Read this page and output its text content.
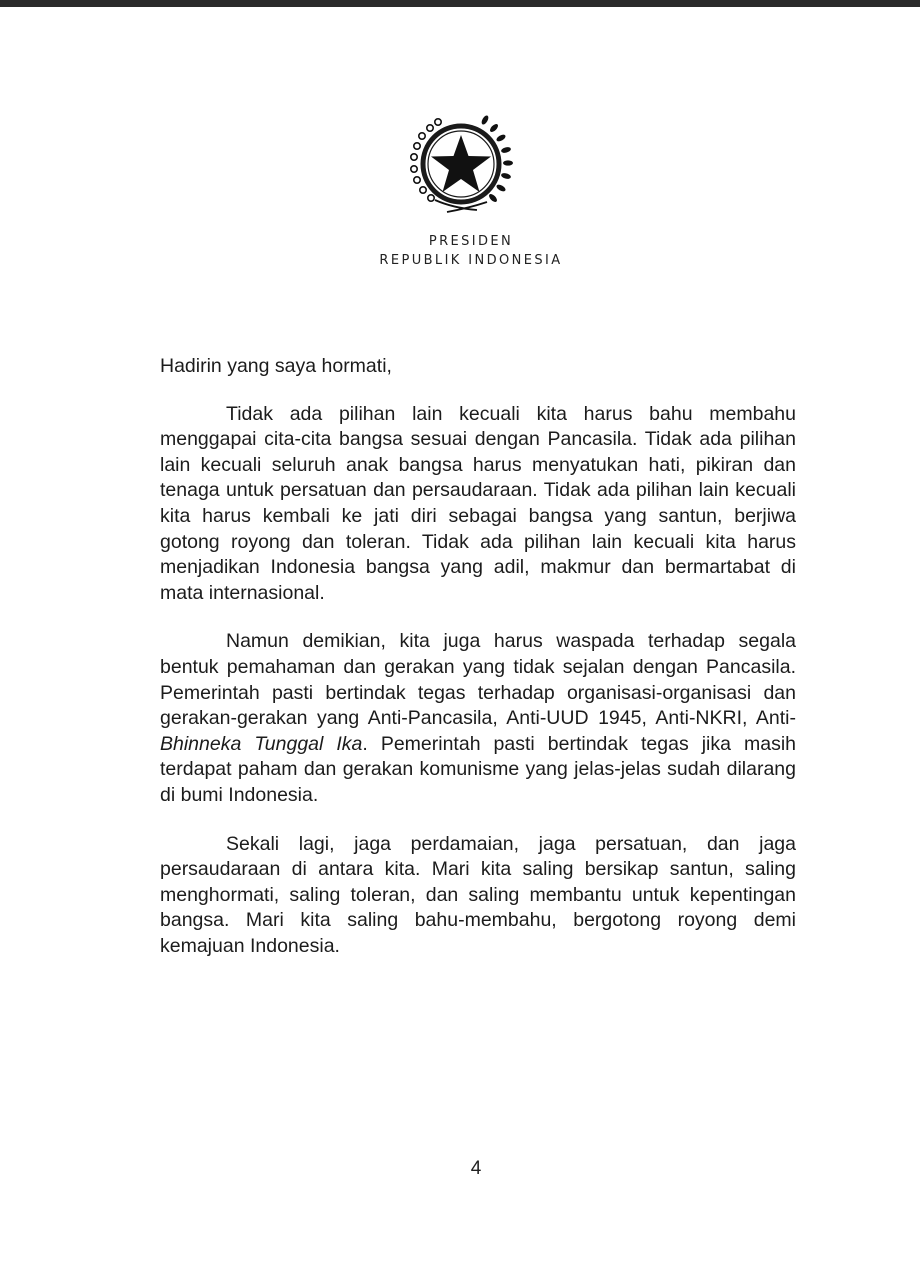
PRESIDEN
REPUBLIK INDONESIA

Hadirin yang saya hormati,

Tidak ada pilihan lain kecuali kita harus bahu membahu menggapai cita-cita bangsa sesuai dengan Pancasila. Tidak ada pilihan lain kecuali seluruh anak bangsa harus menyatukan hati, pikiran dan tenaga untuk persatuan dan persaudaraan. Tidak ada pilihan lain kecuali kita harus kembali ke jati diri sebagai bangsa yang santun, berjiwa gotong royong dan toleran. Tidak ada pilihan lain kecuali kita harus menjadikan Indonesia bangsa yang adil, makmur dan bermartabat di mata internasional.

Namun demikian, kita juga harus waspada terhadap segala bentuk pemahaman dan gerakan yang tidak sejalan dengan Pancasila. Pemerintah pasti bertindak tegas terhadap organisasi-organisasi dan gerakan-gerakan yang Anti-Pancasila, Anti-UUD 1945, Anti-NKRI, Anti-Bhinneka Tunggal Ika. Pemerintah pasti bertindak tegas jika masih terdapat paham dan gerakan komunisme yang jelas-jelas sudah dilarang di bumi Indonesia.

Sekali lagi, jaga perdamaian, jaga persatuan, dan jaga persaudaraan di antara kita. Mari kita saling bersikap santun, saling menghormati, saling toleran, dan saling membantu untuk kepentingan bangsa. Mari kita saling bahu-membahu, bergotong royong demi kemajuan Indonesia.

4
